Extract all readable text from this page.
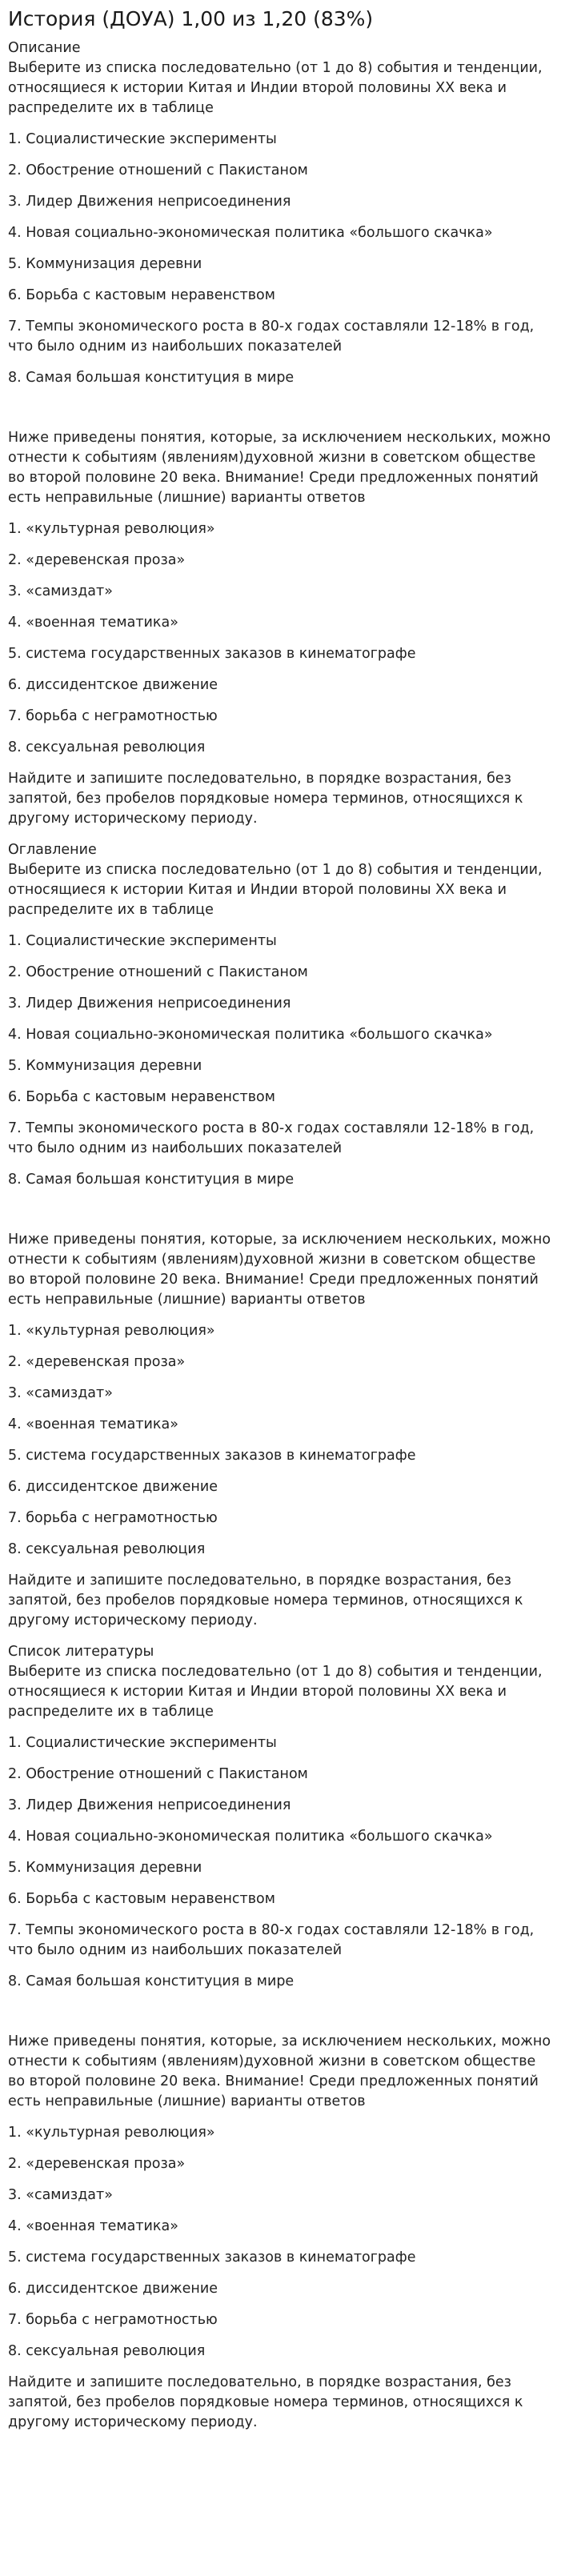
История (ДОУА) 1,00 из 1,20 (83%)
Описание
Выберите из списка последовательно (от 1 до 8) события и тенденции, относящиеся к истории Китая и Индии второй половины XX века и распределите их в таблице
1. Социалистические эксперименты
2. Обострение отношений с Пакистаном
3. Лидер Движения неприсоединения
4. Новая социально-экономическая политика «большого скачка»
5. Коммунизация деревни
6. Борьба с кастовым неравенством
7. Темпы экономического роста в 80-х годах составляли 12-18% в год, что было одним из наибольших показателей
8. Самая большая конституция в мире
Ниже приведены понятия, которые, за исключением нескольких, можно отнести к событиям (явлениям)духовной жизни в советском обществе во второй половине 20 века. Внимание! Среди предложенных понятий есть неправильные (лишние) варианты ответов
1. «культурная революция»
2. «деревенская проза»
3. «самиздат»
4. «военная тематика»
5. система государственных заказов в кинематографе
6. диссидентское движение
7. борьба с неграмотностью
8. сексуальная революция
Найдите и запишите последовательно, в порядке возрастания, без запятой, без пробелов порядковые номера терминов, относящихся к другому историческому периоду.
Оглавление
Выберите из списка последовательно (от 1 до 8) события и тенденции, относящиеся к истории Китая и Индии второй половины XX века и распределите их в таблице
1. Социалистические эксперименты
2. Обострение отношений с Пакистаном
3. Лидер Движения неприсоединения
4. Новая социально-экономическая политика «большого скачка»
5. Коммунизация деревни
6. Борьба с кастовым неравенством
7. Темпы экономического роста в 80-х годах составляли 12-18% в год, что было одним из наибольших показателей
8. Самая большая конституция в мире
Ниже приведены понятия, которые, за исключением нескольких, можно отнести к событиям (явлениям)духовной жизни в советском обществе во второй половине 20 века. Внимание! Среди предложенных понятий есть неправильные (лишние) варианты ответов
1. «культурная революция»
2. «деревенская проза»
3. «самиздат»
4. «военная тематика»
5. система государственных заказов в кинематографе
6. диссидентское движение
7. борьба с неграмотностью
8. сексуальная революция
Найдите и запишите последовательно, в порядке возрастания, без запятой, без пробелов порядковые номера терминов, относящихся к другому историческому периоду.
Список литературы
Выберите из списка последовательно (от 1 до 8) события и тенденции, относящиеся к истории Китая и Индии второй половины XX века и распределите их в таблице
1. Социалистические эксперименты
2. Обострение отношений с Пакистаном
3. Лидер Движения неприсоединения
4. Новая социально-экономическая политика «большого скачка»
5. Коммунизация деревни
6. Борьба с кастовым неравенством
7. Темпы экономического роста в 80-х годах составляли 12-18% в год, что было одним из наибольших показателей
8. Самая большая конституция в мире
Ниже приведены понятия, которые, за исключением нескольких, можно отнести к событиям (явлениям)духовной жизни в советском обществе во второй половине 20 века. Внимание! Среди предложенных понятий есть неправильные (лишние) варианты ответов
1. «культурная революция»
2. «деревенская проза»
3. «самиздат»
4. «военная тематика»
5. система государственных заказов в кинематографе
6. диссидентское движение
7. борьба с неграмотностью
8. сексуальная революция
Найдите и запишите последовательно, в порядке возрастания, без запятой, без пробелов порядковые номера терминов, относящихся к другому историческому периоду.
